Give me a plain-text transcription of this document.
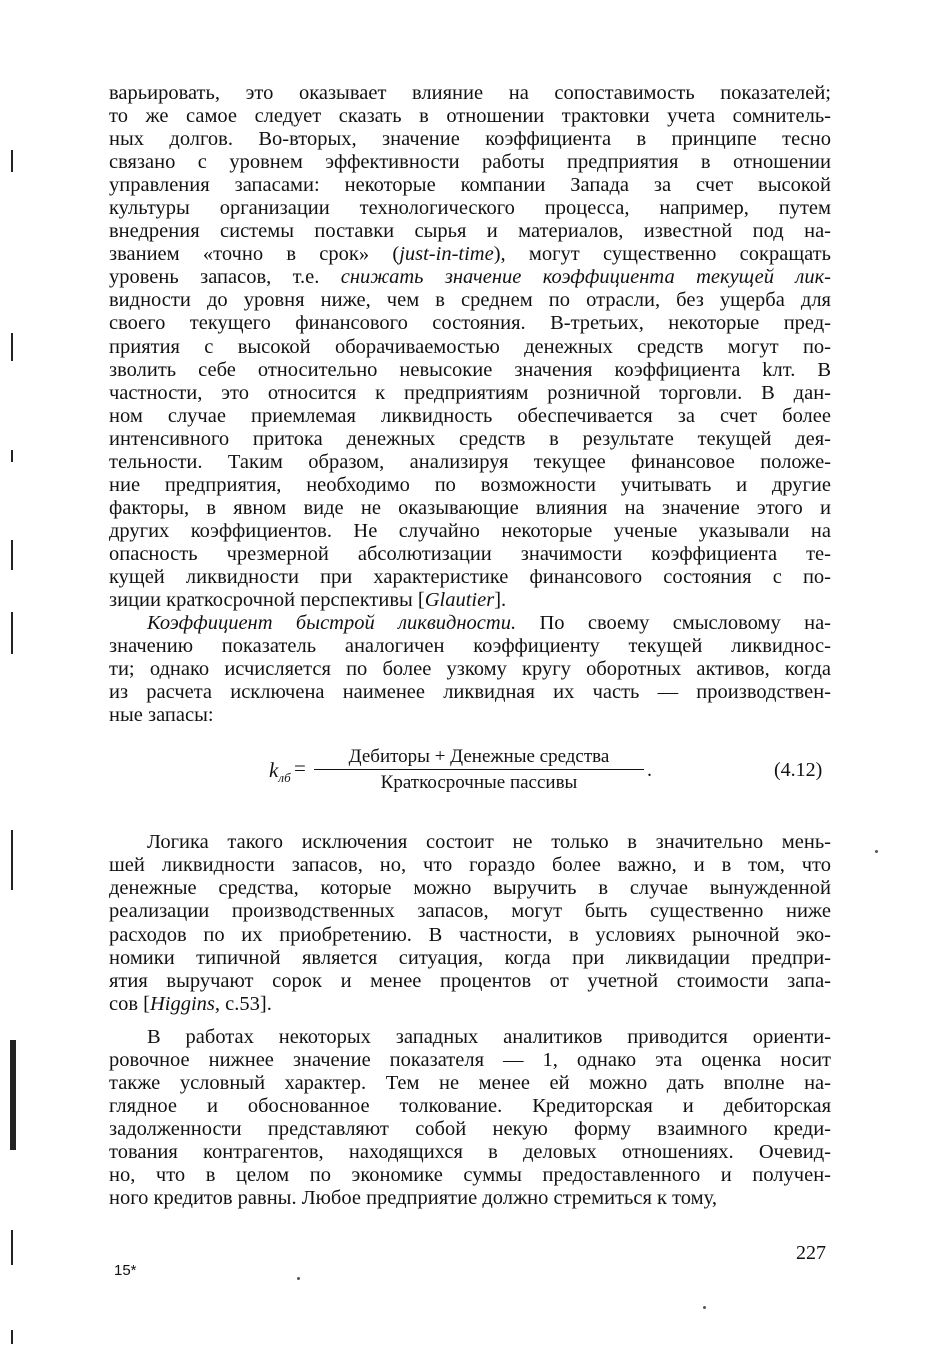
варьировать, это оказывает влияние на сопоставимость показателей;
то же самое следует сказать в отношении трактовки учета сомнитель-
ных долгов. Во-вторых, значение коэффициента в принципе тесно
связано с уровнем эффективности работы предприятия в отношении
управления запасами: некоторые компании Запада за счет высокой
культуры организации технологического процесса, например, путем
внедрения системы поставки сырья и материалов, известной под на-
званием «точно в срок» (just-in-time), могут существенно сокращать
уровень запасов, т.е. снижать значение коэффициента текущей лик-
видности до уровня ниже, чем в среднем по отрасли, без ущерба для
своего текущего финансового состояния. В-третьих, некоторые пред-
приятия с высокой оборачиваемостью денежных средств могут по-
зволить себе относительно невысокие значения коэффициента kлт. В
частности, это относится к предприятиям розничной торговли. В дан-
ном случае приемлемая ликвидность обеспечивается за счет более
интенсивного притока денежных средств в результате текущей дея-
тельности. Таким образом, анализируя текущее финансовое положе-
ние предприятия, необходимо по возможности учитывать и другие
факторы, в явном виде не оказывающие влияния на значение этого и
других коэффициентов. Не случайно некоторые ученые указывали на
опасность чрезмерной абсолютизации значимости коэффициента те-
кущей ликвидности при характеристике финансового состояния с по-
зиции краткосрочной перспективы [Glautier].

Коэффициент быстрой ликвидности. По своему смысловому на-
значению показатель аналогичен коэффициенту текущей ликвиднос-
ти; однако исчисляется по более узкому кругу оборотных активов, когда
из расчета исключена наименее ликвидная их часть — производствен-
ные запасы:

$k_{лб}$ =	Дебиторы + Денежные средства
Краткосрочные пассивы
.	(4.12)

Логика такого исключения состоит не только в значительно мень-
шей ликвидности запасов, но, что гораздо более важно, и в том, что
денежные средства, которые можно выручить в случае вынужденной
реализации производственных запасов, могут быть существенно ниже
расходов по их приобретению. В частности, в условиях рыночной эко-
номики типичной является ситуация, когда при ликвидации предпри-
ятия выручают сорок и менее процентов от учетной стоимости запа-
сов [Higgins, с.53].

В работах некоторых западных аналитиков приводится ориенти-
ровочное нижнее значение показателя — 1, однако эта оценка носит
также условный характер. Тем не менее ей можно дать вполне на-
глядное и обоснованное толкование. Кредиторская и дебиторская
задолженности представляют собой некую форму взаимного креди-
тования контрагентов, находящихся в деловых отношениях. Очевид-
но, что в целом по экономике суммы предоставленного и получен-
ного кредитов равны. Любое предприятие должно стремиться к тому,

227
15*
